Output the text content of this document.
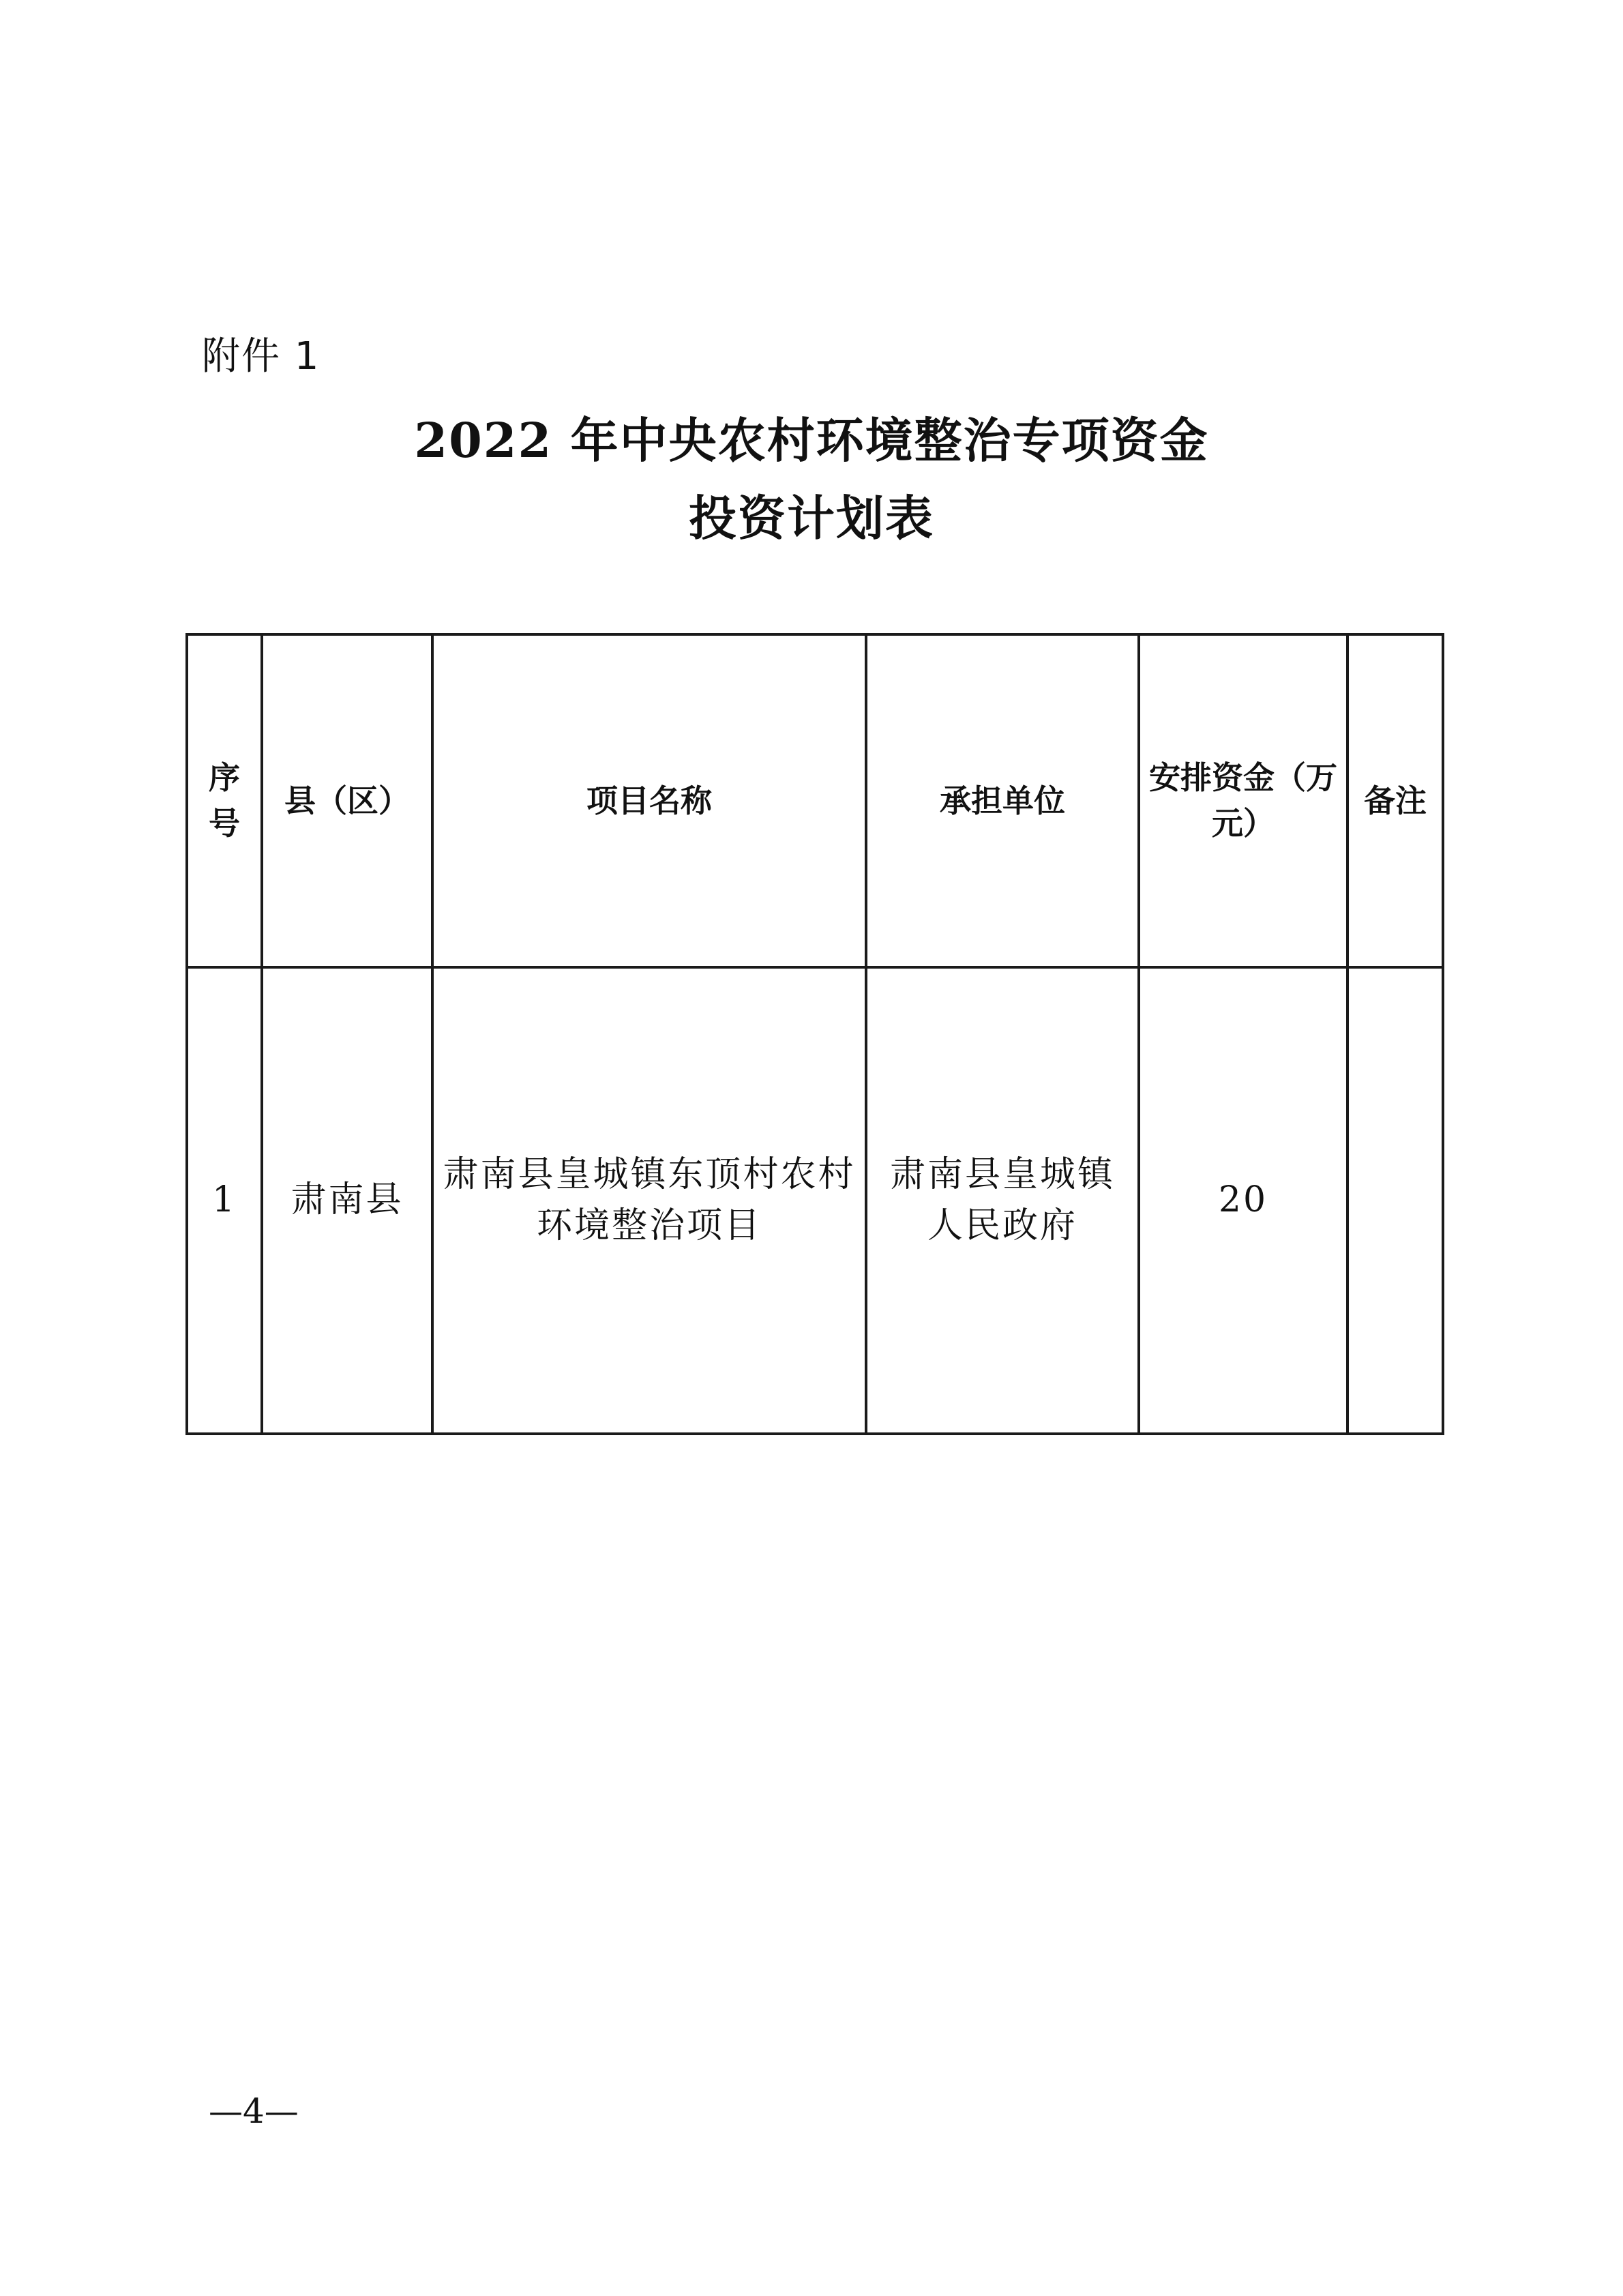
附件 1
2022 年中央农村环境整治专项资金
投资计划表
序号	县（区）	项目名称	承担单位	安排资金（万元）	备注
1	肃南县	肃南县皇城镇东顶村农村环境整治项目	肃南县皇城镇人民政府	20	
—4—
